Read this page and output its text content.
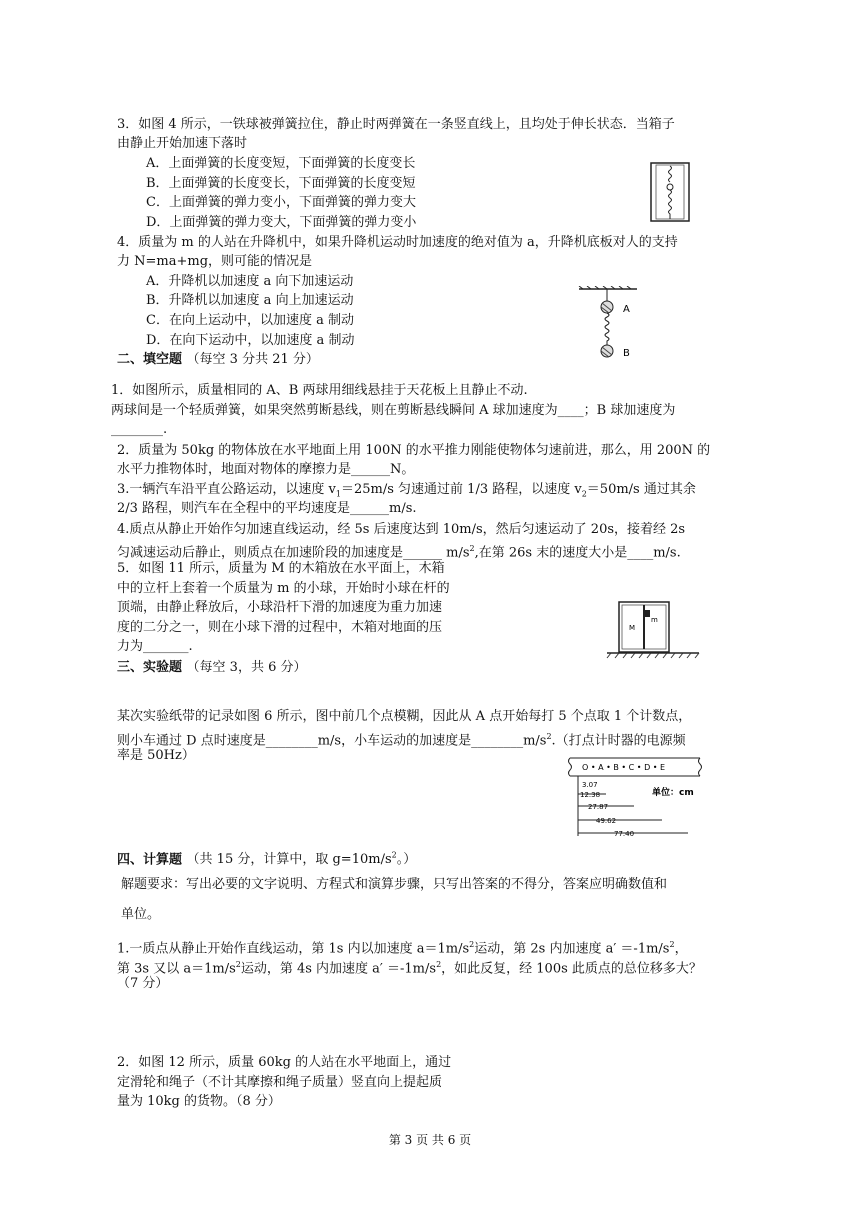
3．如图 4 所示，一铁球被弹簧拉住，静止时两弹簧在一条竖直线上，且均处于伸长状态．当箱子
由静止开始加速下落时
A．上面弹簧的长度变短，下面弹簧的长度变长
B．上面弹簧的长度变长，下面弹簧的长度变短
C．上面弹簧的弹力变小，下面弹簧的弹力变大
D．上面弹簧的弹力变大，下面弹簧的弹力变小
4．质量为 m 的人站在升降机中，如果升降机运动时加速度的绝对值为 a，升降机底板对人的支持
力 N=ma+mg，则可能的情况是
A．升降机以加速度 a 向下加速运动
B．升降机以加速度 a 向上加速运动
C．在向上运动中，以加速度 a 制动
D．在向下运动中，以加速度 a 制动
A
B
二、填空题 （每空 3 分共 21 分）
1．如图所示，质量相同的 A、B 两球用细线悬挂于天花板上且静止不动.
两球间是一个轻质弹簧，如果突然剪断悬线，则在剪断悬线瞬间 A 球加速度为____；B 球加速度为
________.
2．质量为 50kg 的物体放在水平地面上用 100N 的水平推力刚能使物体匀速前进，那么，用 200N 的
水平力推物体时，地面对物体的摩擦力是______N。
3.一辆汽车沿平直公路运动，以速度 $v_1=25m/s$ 匀速通过前 1/3 路程，以速度 $v_2=50m/s$ 通过其余
2/3 路程，则汽车在全程中的平均速度是______m/s.
4.质点从静止开始作匀加速直线运动，经 5s 后速度达到 10m/s，然后匀速运动了 20s，接着经 2s
匀减速运动后静止，则质点在加速阶段的加速度是______ $m/s^2$,在第 26s 末的速度大小是____m/s.
5．如图 11 所示，质量为 M 的木箱放在水平面上，木箱
中的立杆上套着一个质量为 m 的小球，开始时小球在杆的
顶端，由静止释放后，小球沿杆下滑的加速度为重力加速
度的二分之一，则在小球下滑的过程中，木箱对地面的压
力为_______.
M
m
三、实验题 （每空 3，共 6 分）
某次实验纸带的记录如图 6 所示，图中前几个点模糊，因此从 A 点开始每打 5 个点取 1 个计数点，
则小车通过 D 点时速度是________m/s，小车运动的加速度是$\_\_\_\_\_\_\_\_m/s^2$.（打点计时器的电源频
率是 50Hz）
O • A • B • C • D • E
3.07
12.38	单位：cm
27.87
49.62
77.40
四、计算题 （共 15 分，计算中，取 $g=10m/s^2$。）
解题要求：写出必要的文字说明、方程式和演算步骤，只写出答案的不得分，答案应明确数值和
单位。
1.一质点从静止开始作直线运动，第 1s 内以加速度 $a=1m/s^2$运动，第 2s 内加速度 $a' =-1m/s^2$，
第 3s 又以 $a=1m/s^2$运动，第 4s 内加速度 $a' =-1m/s^2$，如此反复，经 100s 此质点的总位移多大？
（7 分）
2．如图 12 所示，质量 60kg 的人站在水平地面上，通过
定滑轮和绳子（不计其摩擦和绳子质量）竖直向上提起质
量为 10kg 的货物。（8 分）
第 3 页 共 6 页
